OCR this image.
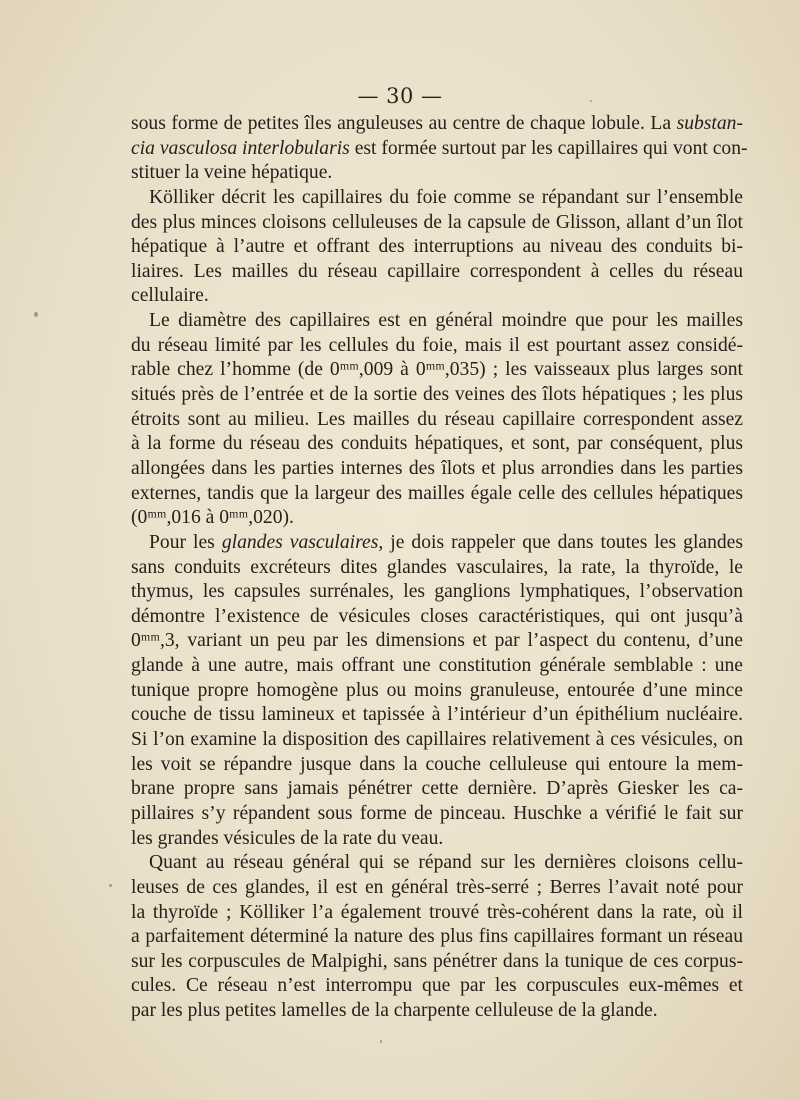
— 30 —
sous forme de petites îles anguleuses au centre de chaque lobule. La substan-
cia vasculosa interlobularis est formée surtout par les capillaires qui vont con-
stituer la veine hépatique.
Kölliker décrit les capillaires du foie comme se répandant sur l’ensemble
des plus minces cloisons celluleuses de la capsule de Glisson, allant d’un îlot
hépatique à l’autre et offrant des interruptions au niveau des conduits bi-
liaires. Les mailles du réseau capillaire correspondent à celles du réseau
cellulaire.
Le diamètre des capillaires est en général moindre que pour les mailles
du réseau limité par les cellules du foie, mais il est pourtant assez considé-
rable chez l’homme (de 0ᵐᵐ,009 à 0ᵐᵐ,035) ; les vaisseaux plus larges sont
situés près de l’entrée et de la sortie des veines des îlots hépatiques ; les plus
étroits sont au milieu. Les mailles du réseau capillaire correspondent assez
à la forme du réseau des conduits hépatiques, et sont, par conséquent, plus
allongées dans les parties internes des îlots et plus arrondies dans les parties
externes, tandis que la largeur des mailles égale celle des cellules hépatiques
(0ᵐᵐ,016 à 0ᵐᵐ,020).
Pour les glandes vasculaires, je dois rappeler que dans toutes les glandes
sans conduits excréteurs dites glandes vasculaires, la rate, la thyroïde, le
thymus, les capsules surrénales, les ganglions lymphatiques, l’observation
démontre l’existence de vésicules closes caractéristiques, qui ont jusqu’à
0ᵐᵐ,3, variant un peu par les dimensions et par l’aspect du contenu, d’une
glande à une autre, mais offrant une constitution générale semblable : une
tunique propre homogène plus ou moins granuleuse, entourée d’une mince
couche de tissu lamineux et tapissée à l’intérieur d’un épithélium nucléaire.
Si l’on examine la disposition des capillaires relativement à ces vésicules, on
les voit se répandre jusque dans la couche celluleuse qui entoure la mem-
brane propre sans jamais pénétrer cette dernière. D’après Giesker les ca-
pillaires s’y répandent sous forme de pinceau. Huschke a vérifié le fait sur
les grandes vésicules de la rate du veau.
Quant au réseau général qui se répand sur les dernières cloisons cellu-
leuses de ces glandes, il est en général très-serré ; Berres l’avait noté pour
la thyroïde ; Kölliker l’a également trouvé très-cohérent dans la rate, où il
a parfaitement déterminé la nature des plus fins capillaires formant un réseau
sur les corpuscules de Malpighi, sans pénétrer dans la tunique de ces corpus-
cules. Ce réseau n’est interrompu que par les corpuscules eux-mêmes et
par les plus petites lamelles de la charpente celluleuse de la glande.
